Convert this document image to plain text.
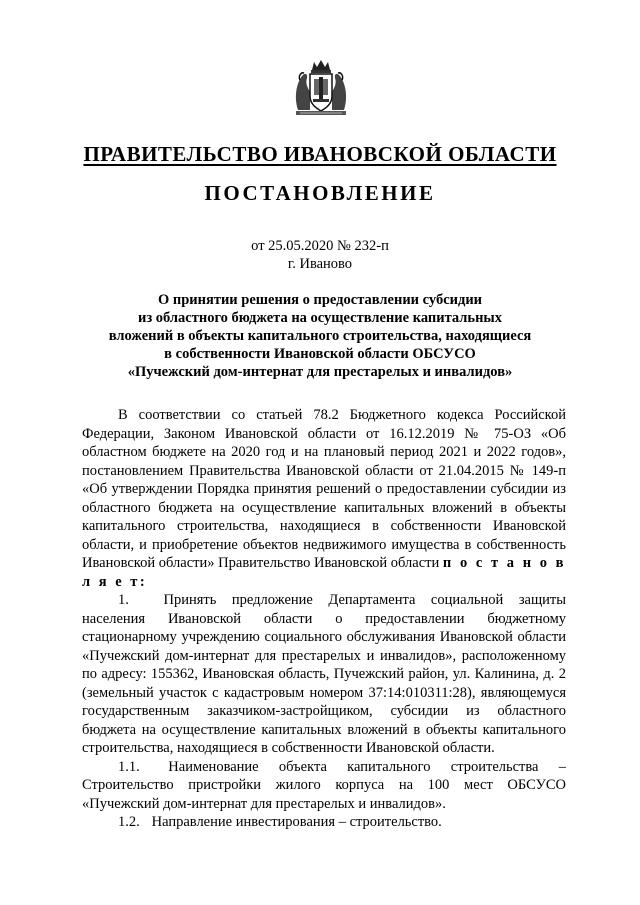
ПРАВИТЕЛЬСТВО ИВАНОВСКОЙ ОБЛАСТИ
ПОСТАНОВЛЕНИЕ

от 25.05.2020 № 232-п

г. Иваново

О принятии решения о предоставлении субсидии
из областного бюджета на осуществление капитальных
вложений в объекты капитального строительства, находящиеся
в собственности Ивановской области ОБСУСО
«Пучежский дом-интернат для престарелых и инвалидов»

В соответствии со статьей 78.2 Бюджетного кодекса Российской Федерации, Законом Ивановской области от 16.12.2019 № 75-ОЗ «Об областном бюджете на 2020 год и на плановый период 2021 и 2022 годов», постановлением Правительства Ивановской области от 21.04.2015 № 149-п «Об утверждении Порядка принятия решений о предоставлении субсидии из областного бюджета на осуществление капитальных вложений в объекты капитального строительства, находящиеся в собственности Ивановской области, и приобретение объектов недвижимого имущества в собственность Ивановской области» Правительство Ивановской области п о с т а н о в л я е т:

1. Принять предложение Департамента социальной защиты населения Ивановской области о предоставлении бюджетному стационарному учреждению социального обслуживания Ивановской области «Пучежский дом-интернат для престарелых и инвалидов», расположенному по адресу: 155362, Ивановская область, Пучежский район, ул. Калинина, д. 2 (земельный участок с кадастровым номером 37:14:010311:28), являющемуся государственным заказчиком-застройщиком, субсидии из областного бюджета на осуществление капитальных вложений в объекты капитального строительства, находящиеся в собственности Ивановской области.

1.1. Наименование объекта капитального строительства – Строительство пристройки жилого корпуса на 100 мест ОБСУСО «Пучежский дом-интернат для престарелых и инвалидов».

1.2. Направление инвестирования – строительство.
